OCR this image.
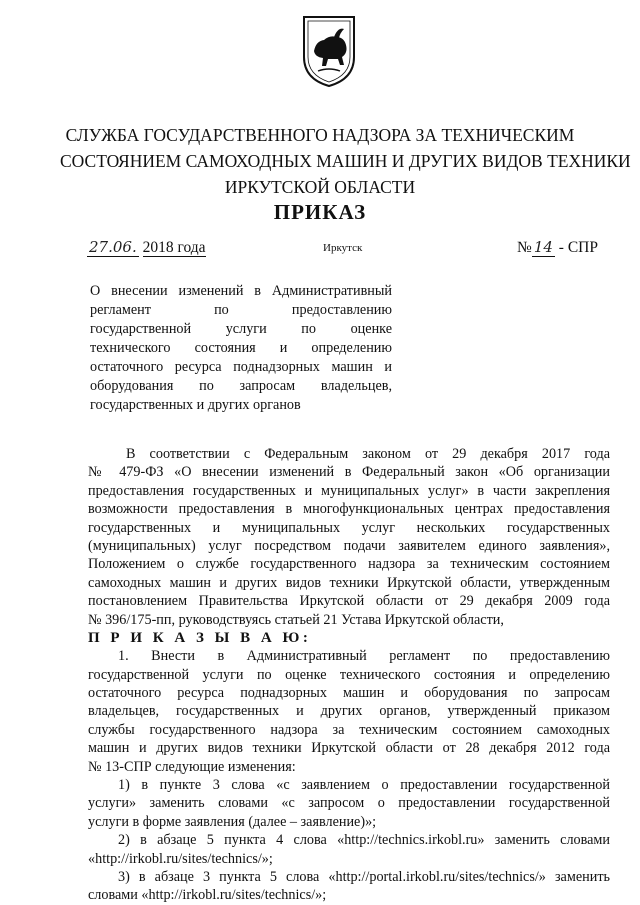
СЛУЖБА ГОСУДАРСТВЕННОГО НАДЗОРА ЗА ТЕХНИЧЕСКИМ
СОСТОЯНИЕМ САМОХОДНЫХ МАШИН И ДРУГИХ ВИДОВ ТЕХНИКИ
ИРКУТСКОЙ ОБЛАСТИ
ПРИКАЗ
27.06. 2018 года	Иркутск	№ 14 - СПР
О внесении изменений в Административный
регламент по предоставлению
государственной услуги по оценке
технического состояния и определению
остаточного ресурса поднадзорных машин и
оборудования по запросам владельцев,
государственных и других органов
В соответствии с Федеральным законом от 29 декабря 2017 года
№ 479-ФЗ «О внесении изменений в Федеральный закон «Об организации
предоставления государственных и муниципальных услуг» в части закрепления
возможности предоставления в многофункциональных центрах предоставления
государственных и муниципальных услуг нескольких государственных
(муниципальных) услуг посредством подачи заявителем единого заявления»,
Положением о службе государственного надзора за техническим состоянием
самоходных машин и других видов техники Иркутской области, утвержденным
постановлением Правительства Иркутской области от 29 декабря 2009 года
№ 396/175-пп, руководствуясь статьей 21 Устава Иркутской области,
П Р И К А З Ы В А Ю:
1. Внести в Административный регламент по предоставлению
государственной услуги по оценке технического состояния и определению
остаточного ресурса поднадзорных машин и оборудования по запросам
владельцев, государственных и других органов, утвержденный приказом
службы государственного надзора за техническим состоянием самоходных
машин и других видов техники Иркутской области от 28 декабря 2012 года
№ 13-СПР следующие изменения:
1) в пункте 3 слова «с заявлением о предоставлении государственной
услуги» заменить словами «с запросом о предоставлении государственной
услуги в форме заявления (далее – заявление)»;
2) в абзаце 5 пункта 4 слова «http://technics.irkobl.ru» заменить словами
«http://irkobl.ru/sites/technics/»;
3) в абзаце 3 пункта 5 слова «http://portal.irkobl.ru/sites/technics/» заменить
словами «http://irkobl.ru/sites/technics/»;
